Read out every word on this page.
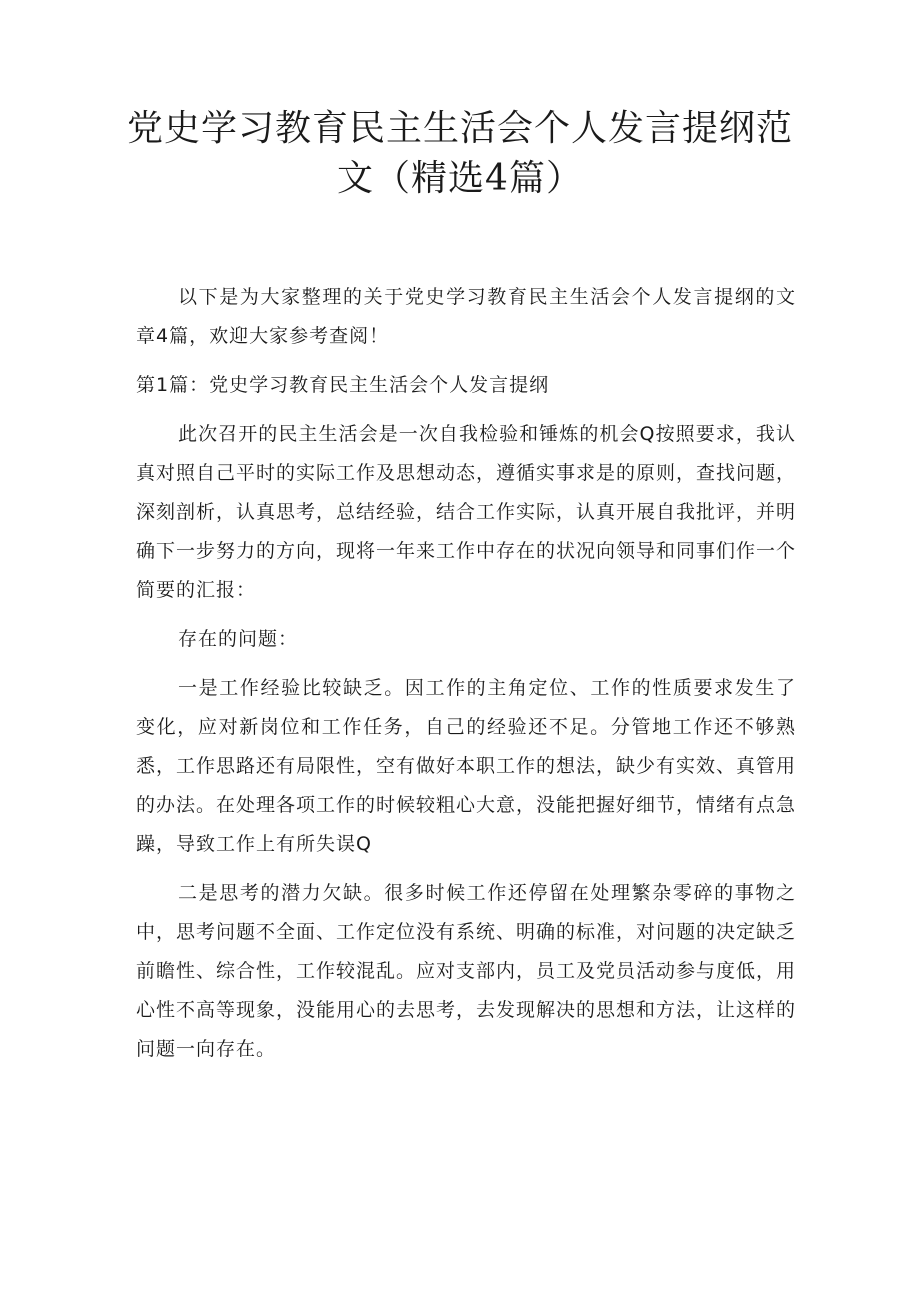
党史学习教育民主生活会个人发言提纲范
文（精选4篇）

以下是为大家整理的关于党史学习教育民主生活会个人发言提纲的文章4篇，欢迎大家参考查阅！

第1篇：党史学习教育民主生活会个人发言提纲

此次召开的民主生活会是一次自我检验和锤炼的机会Q按照要求，我认真对照自己平时的实际工作及思想动态，遵循实事求是的原则，查找问题，深刻剖析，认真思考，总结经验，结合工作实际，认真开展自我批评，并明确下一步努力的方向，现将一年来工作中存在的状况向领导和同事们作一个简要的汇报：

存在的问题：

一是工作经验比较缺乏。因工作的主角定位、工作的性质要求发生了变化，应对新岗位和工作任务，自己的经验还不足。分管地工作还不够熟悉，工作思路还有局限性，空有做好本职工作的想法，缺少有实效、真管用的办法。在处理各项工作的时候较粗心大意，没能把握好细节，情绪有点急躁，导致工作上有所失误Q

二是思考的潜力欠缺。很多时候工作还停留在处理繁杂零碎的事物之中，思考问题不全面、工作定位没有系统、明确的标准，对问题的决定缺乏前瞻性、综合性，工作较混乱。应对支部内，员工及党员活动参与度低，用心性不高等现象，没能用心的去思考，去发现解决的思想和方法，让这样的问题一向存在。
